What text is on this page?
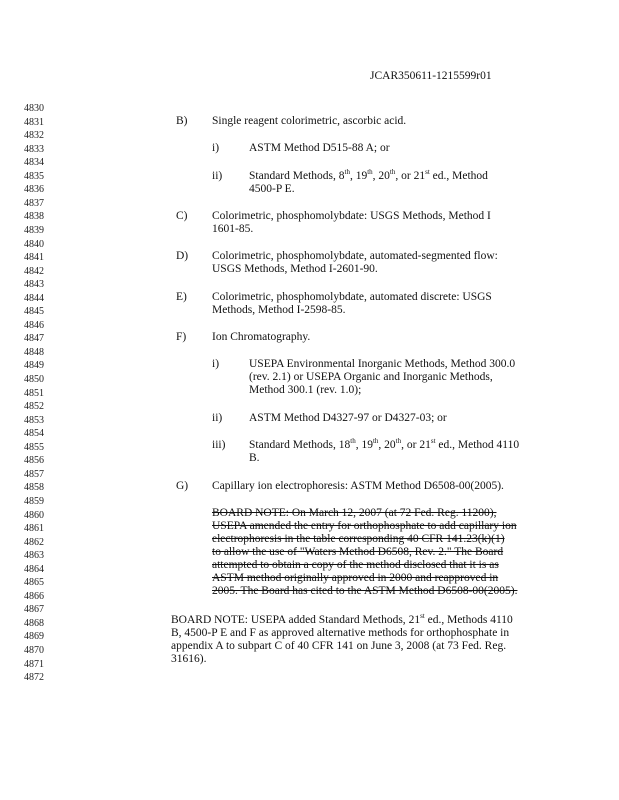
JCAR350611-1215599r01
4830
4831
4832
4833
4834
4835
4836
4837
4838
4839
4840
4841
4842
4843
4844
4845
4846
4847
4848
4849
4850
4851
4852
4853
4854
4855
4856
4857
4858
4859
4860
4861
4862
4863
4864
4865
4866
4867
4868
4869
4870
4871
4872
B) Single reagent colorimetric, ascorbic acid.
i)	ASTM Method D515-88 A; or
ii) Standard Methods, 8th, 19th, 20th, or 21st ed., Method
4500-P E.
C) Colorimetric, phosphomolybdate: USGS Methods, Method I
1601-85.
D) Colorimetric, phosphomolybdate, automated-segmented flow:
USGS Methods, Method I-2601-90.
E) Colorimetric, phosphomolybdate, automated discrete: USGS
Methods, Method I-2598-85.
F) Ion Chromatography.
i)	USEPA Environmental Inorganic Methods, Method 300.0
(rev. 2.1) or USEPA Organic and Inorganic Methods,
Method 300.1 (rev. 1.0);
ii) ASTM Method D4327-97 or D4327-03; or
iii) Standard Methods, 18th, 19th, 20th, or 21st ed., Method 4110
B.
G) Capillary ion electrophoresis: ASTM Method D6508-00(2005).
BOARD NOTE: On March 12, 2007 (at 72 Fed. Reg. 11200),
USEPA amended the entry for orthophosphate to add capillary ion
electrophoresis in the table corresponding 40 CFR 141.23(k)(1)
to allow the use of "Waters Method D6508, Rev. 2." The Board
attempted to obtain a copy of the method disclosed that it is as
ASTM method originally approved in 2000 and reapproved in
2005. The Board has cited to the ASTM Method D6508-00(2005).
BOARD NOTE: USEPA added Standard Methods, 21st ed., Methods 4110
B, 4500-P E and F as approved alternative methods for orthophosphate in
appendix A to subpart C of 40 CFR 141 on June 3, 2008 (at 73 Fed. Reg.
31616).
